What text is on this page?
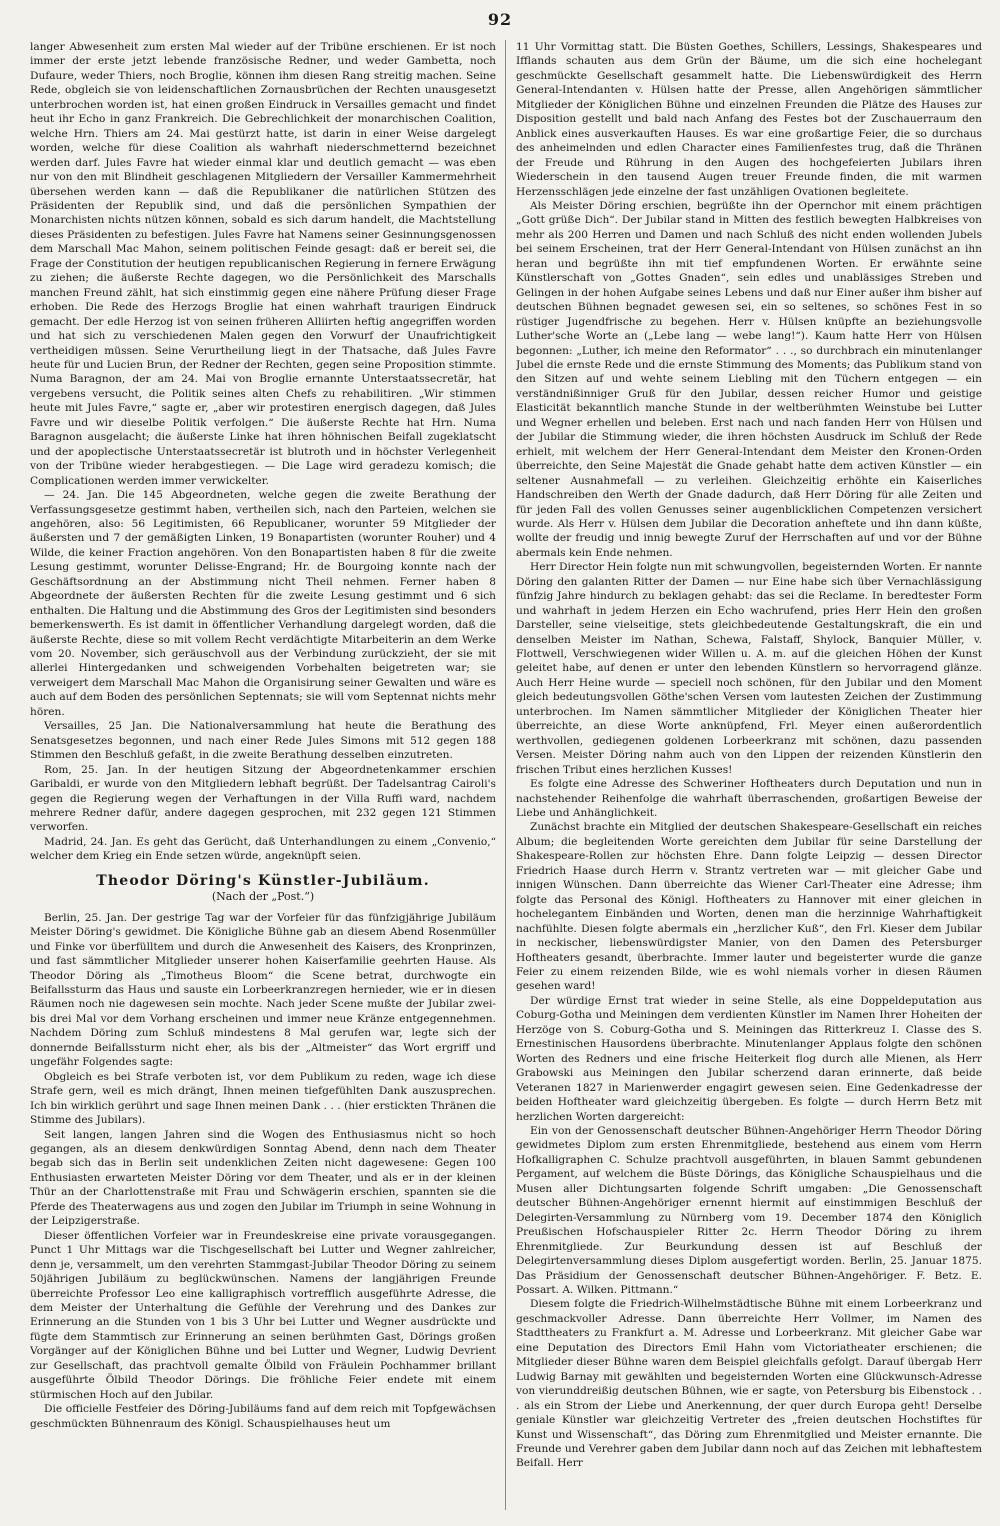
92

langer Abwesenheit zum ersten Mal wieder auf der Tribüne erschienen. Er ist noch immer der erste jetzt lebende französische Redner, und weder Gambetta, noch Dufaure, weder Thiers, noch Broglie, können ihm diesen Rang streitig machen. Seine Rede, obgleich sie von leidenschaftlichen Zornausbrüchen der Rechten unausgesetzt unterbrochen worden ist, hat einen großen Eindruck in Versailles gemacht und findet heut ihr Echo in ganz Frankreich. Die Gebrechlichkeit der monarchischen Coalition, welche Hrn. Thiers am 24. Mai gestürzt hatte, ist darin in einer Weise dargelegt worden, welche für diese Coalition als wahrhaft niederschmetternd bezeichnet werden darf. Jules Favre hat wieder einmal klar und deutlich gemacht — was eben nur von den mit Blindheit geschlagenen Mitgliedern der Versailler Kammermehrheit übersehen werden kann — daß die Republikaner die natürlichen Stützen des Präsidenten der Republik sind, und daß die persönlichen Sympathien der Monarchisten nichts nützen können, sobald es sich darum handelt, die Machtstellung dieses Präsidenten zu befestigen. Jules Favre hat Namens seiner Gesinnungsgenossen dem Marschall Mac Mahon, seinem politischen Feinde gesagt: daß er bereit sei, die Frage der Constitution der heutigen republicanischen Regierung in fernere Erwägung zu ziehen; die äußerste Rechte dagegen, wo die Persönlichkeit des Marschalls manchen Freund zählt, hat sich einstimmig gegen eine nähere Prüfung dieser Frage erhoben. Die Rede des Herzogs Broglie hat einen wahrhaft traurigen Eindruck gemacht. Der edle Herzog ist von seinen früheren Alliirten heftig angegriffen worden und hat sich zu verschiedenen Malen gegen den Vorwurf der Unaufrichtigkeit vertheidigen müssen. Seine Verurtheilung liegt in der Thatsache, daß Jules Favre heute für und Lucien Brun, der Redner der Rechten, gegen seine Proposition stimmte. Numa Baragnon, der am 24. Mai von Broglie ernannte Unterstaatssecretär, hat vergebens versucht, die Politik seines alten Chefs zu rehabilitiren. „Wir stimmen heute mit Jules Favre,“ sagte er, „aber wir protestiren energisch dagegen, daß Jules Favre und wir dieselbe Politik verfolgen.“ Die äußerste Rechte hat Hrn. Numa Baragnon ausgelacht; die äußerste Linke hat ihren höhnischen Beifall zugeklatscht und der apoplectische Unterstaatssecretär ist blutroth und in höchster Verlegenheit von der Tribüne wieder herabgestiegen. — Die Lage wird geradezu komisch; die Complicationen werden immer verwickelter.

— 24. Jan. Die 145 Abgeordneten, welche gegen die zweite Berathung der Verfassungsgesetze gestimmt haben, vertheilen sich, nach den Parteien, welchen sie angehören, also: 56 Legitimisten, 66 Republicaner, worunter 59 Mitglieder der äußersten und 7 der gemäßigten Linken, 19 Bonapartisten (worunter Rouher) und 4 Wilde, die keiner Fraction angehören. Von den Bonapartisten haben 8 für die zweite Lesung gestimmt, worunter Delisse-Engrand; Hr. de Bourgoing konnte nach der Geschäftsordnung an der Abstimmung nicht Theil nehmen. Ferner haben 8 Abgeordnete der äußersten Rechten für die zweite Lesung gestimmt und 6 sich enthalten. Die Haltung und die Abstimmung des Gros der Legitimisten sind besonders bemerkenswerth. Es ist damit in öffentlicher Verhandlung dargelegt worden, daß die äußerste Rechte, diese so mit vollem Recht verdächtigte Mitarbeiterin an dem Werke vom 20. November, sich geräuschvoll aus der Verbindung zurückzieht, der sie mit allerlei Hintergedanken und schweigenden Vorbehalten beigetreten war; sie verweigert dem Marschall Mac Mahon die Organisirung seiner Gewalten und wäre es auch auf dem Boden des persönlichen Septennats; sie will vom Septennat nichts mehr hören.

Versailles, 25 Jan. Die Nationalversammlung hat heute die Berathung des Senatsgesetzes begonnen, und nach einer Rede Jules Simons mit 512 gegen 188 Stimmen den Beschluß gefaßt, in die zweite Berathung desselben einzutreten.

Rom, 25. Jan. In der heutigen Sitzung der Abgeordnetenkammer erschien Garibaldi, er wurde von den Mitgliedern lebhaft begrüßt. Der Tadelsantrag Cairoli's gegen die Regierung wegen der Verhaftungen in der Villa Ruffi ward, nachdem mehrere Redner dafür, andere dagegen gesprochen, mit 232 gegen 121 Stimmen verworfen.

Madrid, 24. Jan. Es geht das Gerücht, daß Unterhandlungen zu einem „Convenio,“ welcher dem Krieg ein Ende setzen würde, angeknüpft seien.

Theodor Döring's Künstler-Jubiläum.
(Nach der „Post.“)

Berlin, 25. Jan. Der gestrige Tag war der Vorfeier für das fünfzigjährige Jubiläum Meister Döring's gewidmet. Die Königliche Bühne gab an diesem Abend Rosenmüller und Finke vor überfülltem und durch die Anwesenheit des Kaisers, des Kronprinzen, und fast sämmtlicher Mitglieder unserer hohen Kaiserfamilie geehrten Hause. Als Theodor Döring als „Timotheus Bloom“ die Scene betrat, durchwogte ein Beifallssturm das Haus und sauste ein Lorbeerkranzregen hernieder, wie er in diesen Räumen noch nie dagewesen sein mochte. Nach jeder Scene mußte der Jubilar zwei- bis drei Mal vor dem Vorhang erscheinen und immer neue Kränze entgegennehmen. Nachdem Döring zum Schluß mindestens 8 Mal gerufen war, legte sich der donnernde Beifallssturm nicht eher, als bis der „Altmeister“ das Wort ergriff und ungefähr Folgendes sagte:

Obgleich es bei Strafe verboten ist, vor dem Publikum zu reden, wage ich diese Strafe gern, weil es mich drängt, Ihnen meinen tiefgefühlten Dank auszusprechen. Ich bin wirklich gerührt und sage Ihnen meinen Dank . . . (hier erstickten Thränen die Stimme des Jubilars).

Seit langen, langen Jahren sind die Wogen des Enthusiasmus nicht so hoch gegangen, als an diesem denkwürdigen Sonntag Abend, denn nach dem Theater begab sich das in Berlin seit undenklichen Zeiten nicht dagewesene: Gegen 100 Enthusiasten erwarteten Meister Döring vor dem Theater, und als er in der kleinen Thür an der Charlottenstraße mit Frau und Schwägerin erschien, spannten sie die Pferde des Theaterwagens aus und zogen den Jubilar im Triumph in seine Wohnung in der Leipzigerstraße.

Dieser öffentlichen Vorfeier war in Freundeskreise eine private vorausgegangen. Punct 1 Uhr Mittags war die Tischgesellschaft bei Lutter und Wegner zahlreicher, denn je, versammelt, um den verehrten Stammgast-Jubilar Theodor Döring zu seinem 50jährigen Jubiläum zu beglückwünschen. Namens der langjährigen Freunde überreichte Professor Leo eine kalligraphisch vortrefflich ausgeführte Adresse, die dem Meister der Unterhaltung die Gefühle der Verehrung und des Dankes zur Erinnerung an die Stunden von 1 bis 3 Uhr bei Lutter und Wegner ausdrückte und fügte dem Stammtisch zur Erinnerung an seinen berühmten Gast, Dörings großen Vorgänger auf der Königlichen Bühne und bei Lutter und Wegner, Ludwig Devrient zur Gesellschaft, das prachtvoll gemalte Ölbild von Fräulein Pochhammer brillant ausgeführte Ölbild Theodor Dörings. Die fröhliche Feier endete mit einem stürmischen Hoch auf den Jubilar.

Die officielle Festfeier des Döring-Jubiläums fand auf dem reich mit Topfgewächsen geschmückten Bühnenraum des Königl. Schauspielhauses heut um

11 Uhr Vormittag statt. Die Büsten Goethes, Schillers, Lessings, Shakespeares und Ifflands schauten aus dem Grün der Bäume, um die sich eine hochelegant geschmückte Gesellschaft gesammelt hatte. Die Liebenswürdigkeit des Herrn General-Intendanten v. Hülsen hatte der Presse, allen Angehörigen sämmtlicher Mitglieder der Königlichen Bühne und einzelnen Freunden die Plätze des Hauses zur Disposition gestellt und bald nach Anfang des Festes bot der Zuschauerraum den Anblick eines ausverkauften Hauses. Es war eine großartige Feier, die so durchaus des anheimelnden und edlen Character eines Familienfestes trug, daß die Thränen der Freude und Rührung in den Augen des hochgefeierten Jubilars ihren Wiederschein in den tausend Augen treuer Freunde finden, die mit warmen Herzensschlägen jede einzelne der fast unzähligen Ovationen begleitete.

Als Meister Döring erschien, begrüßte ihn der Opernchor mit einem prächtigen „Gott grüße Dich“. Der Jubilar stand in Mitten des festlich bewegten Halbkreises von mehr als 200 Herren und Damen und nach Schluß des nicht enden wollenden Jubels bei seinem Erscheinen, trat der Herr General-Intendant von Hülsen zunächst an ihn heran und begrüßte ihn mit tief empfundenen Worten. Er erwähnte seine Künstlerschaft von „Gottes Gnaden“, sein edles und unablässiges Streben und Gelingen in der hohen Aufgabe seines Lebens und daß nur Einer außer ihm bisher auf deutschen Bühnen begnadet gewesen sei, ein so seltenes, so schönes Fest in so rüstiger Jugendfrische zu begehen. Herr v. Hülsen knüpfte an beziehungsvolle Luther'sche Worte an („Lebe lang — webe lang!“). Kaum hatte Herr von Hülsen begonnen: „Luther, ich meine den Reformator“ . . ., so durchbrach ein minutenlanger Jubel die ernste Rede und die ernste Stimmung des Moments; das Publikum stand von den Sitzen auf und wehte seinem Liebling mit den Tüchern entgegen — ein verständnißinniger Gruß für den Jubilar, dessen reicher Humor und geistige Elasticität bekanntlich manche Stunde in der weltberühmten Weinstube bei Lutter und Wegner erhellen und beleben. Erst nach und nach fanden Herr von Hülsen und der Jubilar die Stimmung wieder, die ihren höchsten Ausdruck im Schluß der Rede erhielt, mit welchem der Herr General-Intendant dem Meister den Kronen-Orden überreichte, den Seine Majestät die Gnade gehabt hatte dem activen Künstler — ein seltener Ausnahmefall — zu verleihen. Gleichzeitig erhöhte ein Kaiserliches Handschreiben den Werth der Gnade dadurch, daß Herr Döring für alle Zeiten und für jeden Fall des vollen Genusses seiner augenblicklichen Competenzen versichert wurde. Als Herr v. Hülsen dem Jubilar die Decoration anheftete und ihn dann küßte, wollte der freudig und innig bewegte Zuruf der Herrschaften auf und vor der Bühne abermals kein Ende nehmen.

Herr Director Hein folgte nun mit schwungvollen, begeisternden Worten. Er nannte Döring den galanten Ritter der Damen — nur Eine habe sich über Vernachlässigung fünfzig Jahre hindurch zu beklagen gehabt: das sei die Reclame. In beredtester Form und wahrhaft in jedem Herzen ein Echo wachrufend, pries Herr Hein den großen Darsteller, seine vielseitige, stets gleichbedeutende Gestaltungskraft, die ein und denselben Meister im Nathan, Schewa, Falstaff, Shylock, Banquier Müller, v. Flottwell, Verschwiegenen wider Willen u. A. m. auf die gleichen Höhen der Kunst geleitet habe, auf denen er unter den lebenden Künstlern so hervorragend glänze. Auch Herr Heine wurde — speciell noch schönen, für den Jubilar und den Moment gleich bedeutungsvollen Göthe'schen Versen vom lautesten Zeichen der Zustimmung unterbrochen. Im Namen sämmtlicher Mitglieder der Königlichen Theater hier überreichte, an diese Worte anknüpfend, Frl. Meyer einen außerordentlich werthvollen, gediegenen goldenen Lorbeerkranz mit schönen, dazu passenden Versen. Meister Döring nahm auch von den Lippen der reizenden Künstlerin den frischen Tribut eines herzlichen Kusses!

Es folgte eine Adresse des Schweriner Hoftheaters durch Deputation und nun in nachstehender Reihenfolge die wahrhaft überraschenden, großartigen Beweise der Liebe und Anhänglichkeit.

Zunächst brachte ein Mitglied der deutschen Shakespeare-Gesellschaft ein reiches Album; die begleitenden Worte gereichten dem Jubilar für seine Darstellung der Shakespeare-Rollen zur höchsten Ehre. Dann folgte Leipzig — dessen Director Friedrich Haase durch Herrn v. Strantz vertreten war — mit gleicher Gabe und innigen Wünschen. Dann überreichte das Wiener Carl-Theater eine Adresse; ihm folgte das Personal des Königl. Hoftheaters zu Hannover mit einer gleichen in hochelegantem Einbänden und Worten, denen man die herzinnige Wahrhaftigkeit nachfühlte. Diesen folgte abermals ein „herzlicher Kuß“, den Frl. Kieser dem Jubilar in neckischer, liebenswürdigster Manier, von den Damen des Petersburger Hoftheaters gesandt, überbrachte. Immer lauter und begeisterter wurde die ganze Feier zu einem reizenden Bilde, wie es wohl niemals vorher in diesen Räumen gesehen ward!

Der würdige Ernst trat wieder in seine Stelle, als eine Doppeldeputation aus Coburg-Gotha und Meiningen dem verdienten Künstler im Namen Ihrer Hoheiten der Herzöge von S. Coburg-Gotha und S. Meiningen das Ritterkreuz I. Classe des S. Ernestinischen Hausordens überbrachte. Minutenlanger Applaus folgte den schönen Worten des Redners und eine frische Heiterkeit flog durch alle Mienen, als Herr Grabowski aus Meiningen den Jubilar scherzend daran erinnerte, daß beide Veteranen 1827 in Marienwerder engagirt gewesen seien. Eine Gedenkadresse der beiden Hoftheater ward gleichzeitig übergeben. Es folgte — durch Herrn Betz mit herzlichen Worten dargereicht:

Ein von der Genossenschaft deutscher Bühnen-Angehöriger Herrn Theodor Döring gewidmetes Diplom zum ersten Ehrenmitgliede, bestehend aus einem vom Herrn Hofkalligraphen C. Schulze prachtvoll ausgeführten, in blauen Sammt gebundenen Pergament, auf welchem die Büste Dörings, das Königliche Schauspielhaus und die Musen aller Dichtungsarten folgende Schrift umgaben: „Die Genossenschaft deutscher Bühnen-Angehöriger ernennt hiermit auf einstimmigen Beschluß der Delegirten-Versammlung zu Nürnberg vom 19. December 1874 den Königlich Preußischen Hofschauspieler Ritter 2c. Herrn Theodor Döring zu ihrem Ehrenmitgliede. Zur Beurkundung dessen ist auf Beschluß der Delegirtenversammlung dieses Diplom ausgefertigt worden. Berlin, 25. Januar 1875. Das Präsidium der Genossenschaft deutscher Bühnen-Angehöriger. F. Betz. E. Possart. A. Wilken. Pittmann.“

Diesem folgte die Friedrich-Wilhelmstädtische Bühne mit einem Lorbeerkranz und geschmackvoller Adresse. Dann überreichte Herr Vollmer, im Namen des Stadttheaters zu Frankfurt a. M. Adresse und Lorbeerkranz. Mit gleicher Gabe war eine Deputation des Directors Emil Hahn vom Victoriatheater erschienen; die Mitglieder dieser Bühne waren dem Beispiel gleichfalls gefolgt. Darauf übergab Herr Ludwig Barnay mit gewählten und begeisternden Worten eine Glückwunsch-Adresse von vierunddreißig deutschen Bühnen, wie er sagte, von Petersburg bis Eibenstock . . . als ein Strom der Liebe und Anerkennung, der quer durch Europa geht! Derselbe geniale Künstler war gleichzeitig Vertreter des „freien deutschen Hochstiftes für Kunst und Wissenschaft“, das Döring zum Ehrenmitglied und Meister ernannte. Die Freunde und Verehrer gaben dem Jubilar dann noch auf das Zeichen mit lebhaftestem Beifall. Herr
